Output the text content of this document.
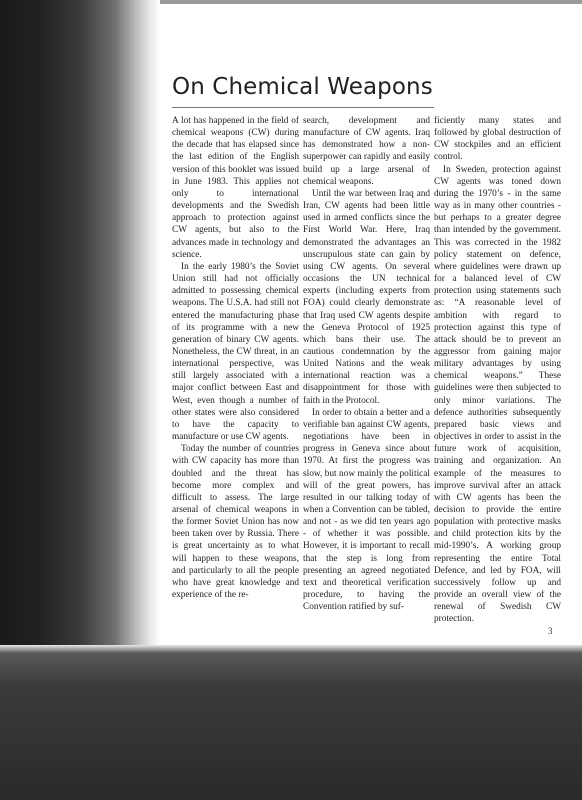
On Chemical Weapons

A lot has happened in the field of chemical weapons (CW) during the decade that has elapsed since the last edition of the English version of this booklet was issued in June 1983. This applies not only to international developments and the Swedish approach to protection against CW agents, but also to the advances made in technology and science.

In the early 1980’s the Soviet Union still had not officially admitted to possessing chemical weapons. The U.S.A. had still not entered the manufacturing phase of its programme with a new generation of binary CW agents. Nonetheless, the CW threat, in an international perspective, was still largely associated with a major conflict between East and West, even though a number of other states were also considered to have the capacity to manufacture or use CW agents.

Today the number of countries with CW capacity has more than doubled and the threat has become more complex and difficult to assess. The large arsenal of chemical weapons in the former Soviet Union has now been taken over by Russia. There is great uncertainty as to what will happen to these weapons, and particularly to all the people who have great knowledge and experience of the re-

search, development and manufacture of CW agents. Iraq has demonstrated how a non-superpower can rapidly and easily build up a large arsenal of chemical weapons.

Until the war between Iraq and Iran, CW agents had been little used in armed conflicts since the First World War. Here, Iraq demonstrated the advantages an unscrupulous state can gain by using CW agents. On several occasions the UN technical experts (including experts from FOA) could clearly demonstrate that Iraq used CW agents despite the Geneva Protocol of 1925 which bans their use. The cautious condemnation by the United Nations and the weak international reaction was a disappointment for those with faith in the Protocol.

In order to obtain a better and a verifiable ban against CW agents, negotiations have been in progress in Geneva since about 1970. At first the progress was slow, but now mainly the political will of the great powers, has resulted in our talking today of when a Convention can be tabled, and not - as we did ten years ago - of whether it was possible. However, it is important to recall that the step is long from presenting an agreed negotiated text and theoretical verification procedure, to having the Convention ratified by suf-

ficiently many states and followed by global destruction of CW stockpiles and an efficient control.

In Sweden, protection against CW agents was toned down during the 1970’s - in the same way as in many other countries - but perhaps to a greater degree than intended by the government. This was corrected in the 1982 policy statement on defence, where guidelines were drawn up for a balanced level of CW protection using statements such as: “A reasonable level of ambition with regard to protection against this type of attack should be to prevent an aggressor from gaining major military advantages by using chemical weapons.” These guidelines were then subjected to only minor variations. The defence authorities subsequently prepared basic views and objectives in order to assist in the future work of acquisition, training and organization. An example of the measures to improve survival after an attack with CW agents has been the decision to provide the entire population with protective masks and child protection kits by the mid-1990’s. A working group representing the entire Total Defence, and led by FOA, will successively follow up and provide an overall view of the renewal of Swedish CW protection.

3
